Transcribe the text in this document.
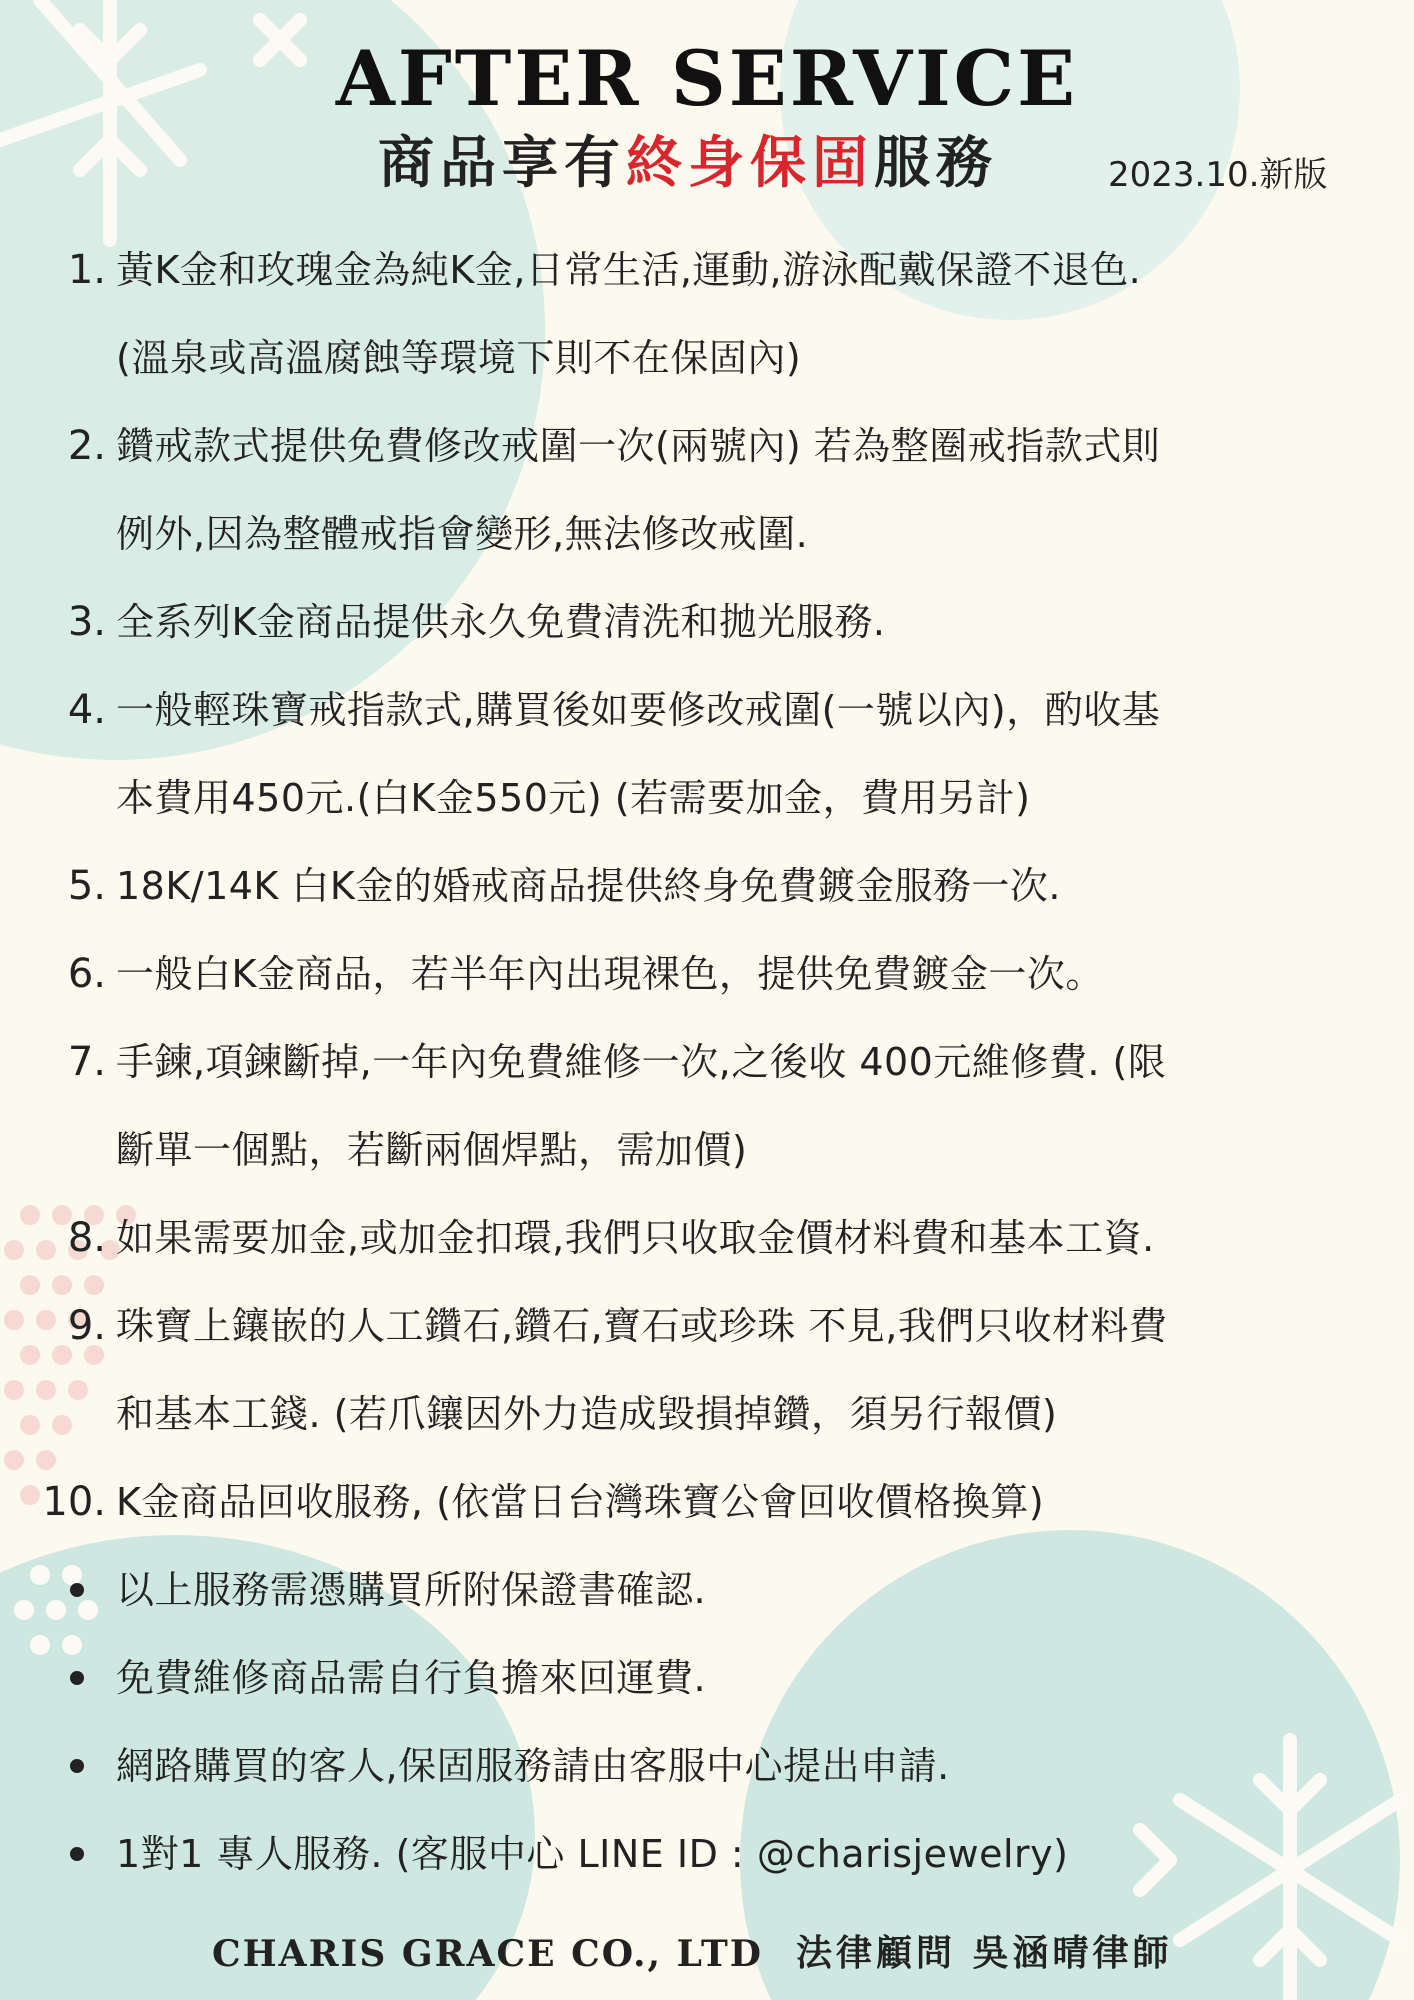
AFTER SERVICE
商品享有終身保固服務	2023.10.新版
1. 黃K金和玫瑰金為純K金,日常生活,運動,游泳配戴保證不退色.
(溫泉或高溫腐蝕等環境下則不在保固內)
2. 鑽戒款式提供免費修改戒圍一次(兩號內) 若為整圈戒指款式則
例外,因為整體戒指會變形,無法修改戒圍.
3. 全系列K金商品提供永久免費清洗和拋光服務.
4. 一般輕珠寶戒指款式,購買後如要修改戒圍(一號以內)，酌收基
本費用450元.(白K金550元) (若需要加金，費用另計)
5. 18K/14K 白K金的婚戒商品提供終身免費鍍金服務一次.
6. 一般白K金商品，若半年內出現裸色，提供免費鍍金一次。
7. 手鍊,項鍊斷掉,一年內免費維修一次,之後收 400元維修費. (限
斷單一個點，若斷兩個焊點，需加價)
8. 如果需要加金,或加金扣環,我們只收取金價材料費和基本工資.
9. 珠寶上鑲嵌的人工鑽石,鑽石,寶石或珍珠 不見,我們只收材料費
和基本工錢. (若爪鑲因外力造成毀損掉鑽，須另行報價)
10. K金商品回收服務, (依當日台灣珠寶公會回收價格換算)
以上服務需憑購買所附保證書確認.
免費維修商品需自行負擔來回運費.
網路購買的客人,保固服務請由客服中心提出申請.
1對1 專人服務. (客服中心 LINE ID : @charisjewelry)
CHARIS GRACE CO., LTD 法律顧問 吳涵晴律師
